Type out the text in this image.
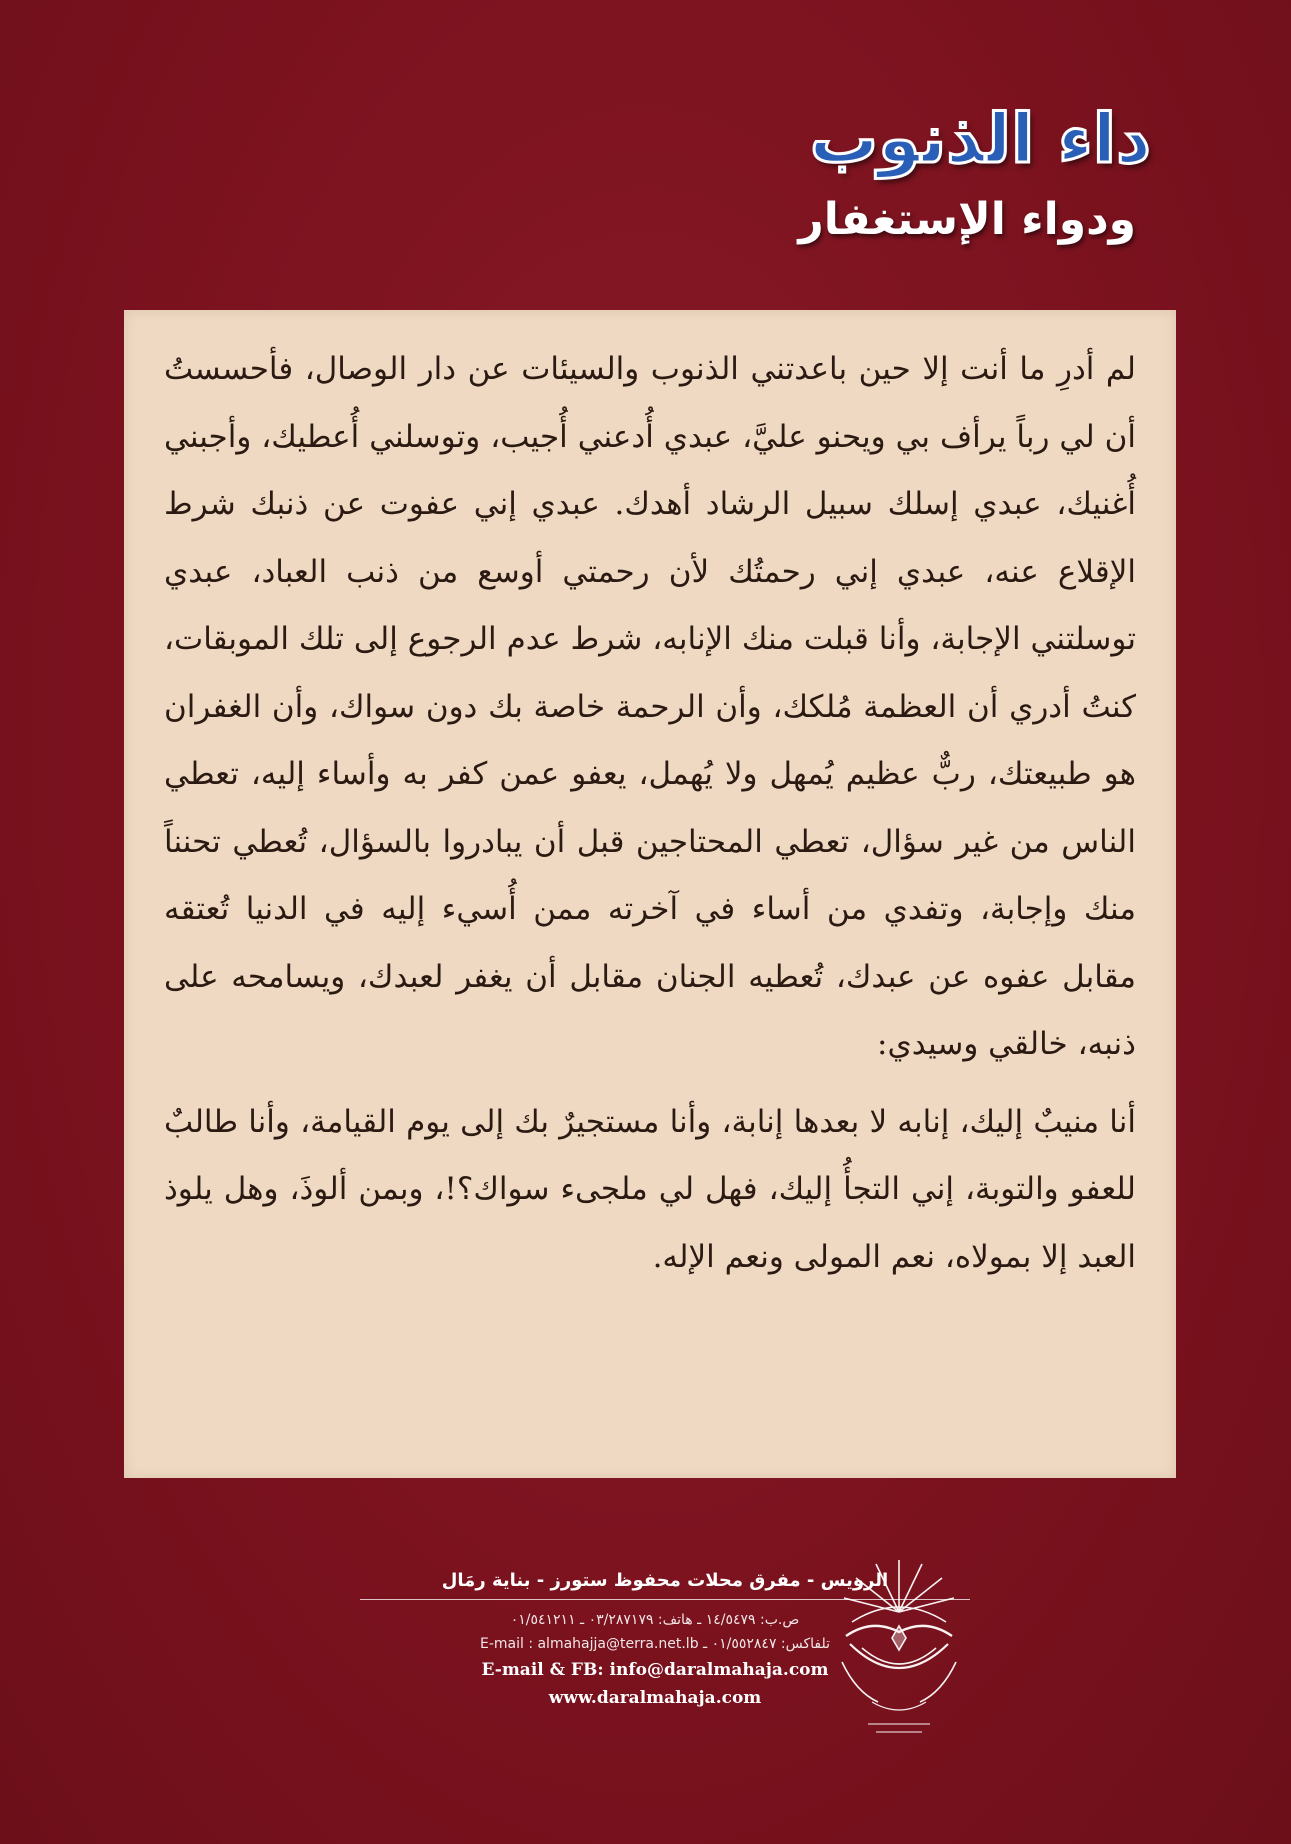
داء الذنوب
ودواء الإستغفار

لم أدرِ ما أنت إلا حين باعدتني الذنوب والسيئات عن دار الوصال، فأحسستُ أن لي رباً يرأف بي ويحنو عليَّ، عبدي أُدعني أُجيب، وتوسلني أُعطيك، وأجبني أُغنيك، عبدي إسلك سبيل الرشاد أهدك. عبدي إني عفوت عن ذنبك شرط الإقلاع عنه، عبدي إني رحمتُك لأن رحمتي أوسع من ذنب العباد، عبدي توسلتني الإجابة، وأنا قبلت منك الإنابه، شرط عدم الرجوع إلى تلك الموبقات، كنتُ أدري أن العظمة مُلكك، وأن الرحمة خاصة بك دون سواك، وأن الغفران هو طبيعتك، ربٌّ عظيم يُمهل ولا يُهمل، يعفو عمن كفر به وأساء إليه، تعطي الناس من غير سؤال، تعطي المحتاجين قبل أن يبادروا بالسؤال، تُعطي تحنناً منك وإجابة، وتفدي من أساء في آخرته ممن أُسيء إليه في الدنيا تُعتقه مقابل عفوه عن عبدك، تُعطيه الجنان مقابل أن يغفر لعبدك، ويسامحه على ذنبه، خالقي وسيدي:

أنا منيبٌ إليك، إنابه لا بعدها إنابة، وأنا مستجيرٌ بك إلى يوم القيامة، وأنا طالبٌ للعفو والتوبة، إني التجأُ إليك، فهل لي ملجىء سواك؟!، وبمن ألوذَ، وهل يلوذ العبد إلا بمولاه، نعم المولى ونعم الإله.

الرويس - مفرق محلات محفوظ ستورز - بناية رمَال
ص.ب: ١٤/٥٤٧٩ ـ هاتف: ٠٣/٢٨٧١٧٩ ـ ٠١/٥٤١٢١١
تلفاكس: ٠١/٥٥٢٨٤٧ ـ E-mail : almahajja@terra.net.lb
E-mail & FB: info@daralmahaja.com
www.daralmahaja.com
